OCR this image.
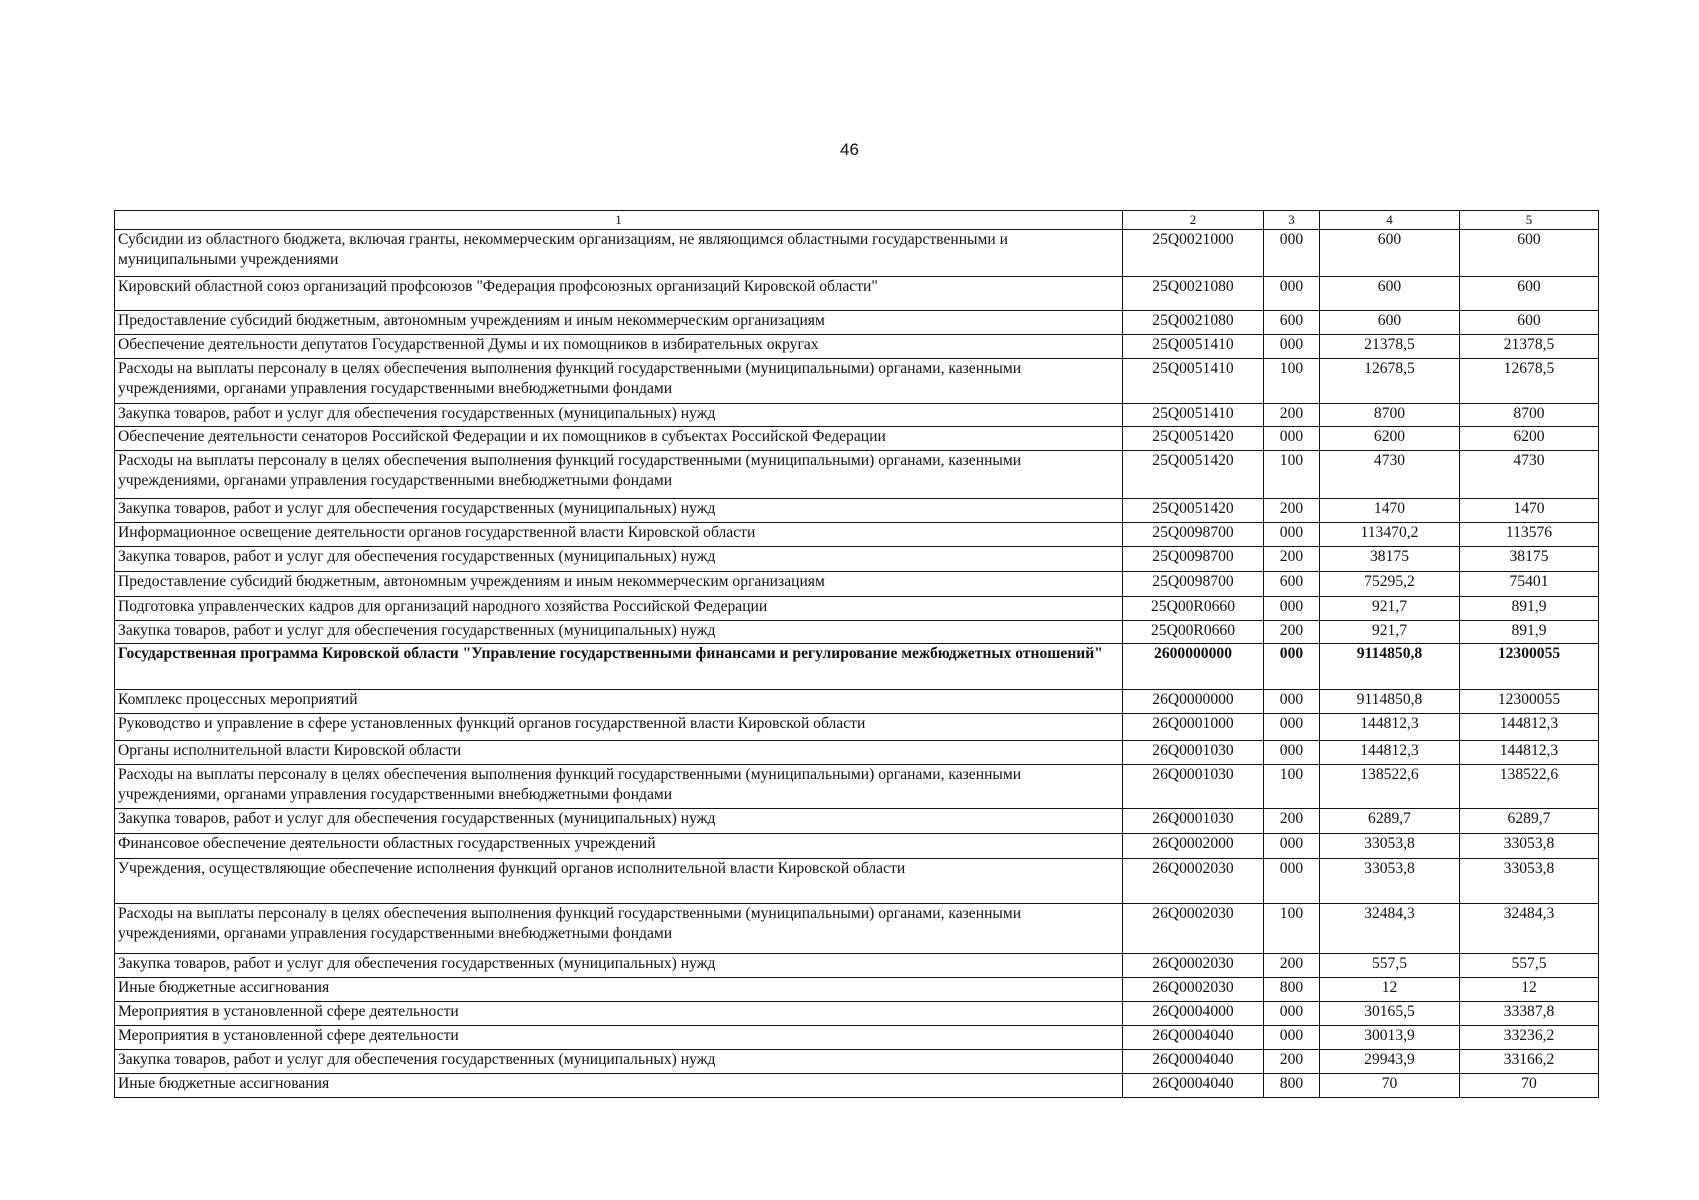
46
1	2	3	4	5
Субсидии из областного бюджета, включая гранты, некоммерческим организациям, не являющимся областными государственными и муниципальными учреждениями	25Q0021000	000	600	600
Кировский областной союз организаций профсоюзов "Федерация профсоюзных организаций Кировской области"	25Q0021080	000	600	600
Предоставление субсидий бюджетным, автономным учреждениям и иным некоммерческим организациям	25Q0021080	600	600	600
Обеспечение деятельности депутатов Государственной Думы и их помощников в избирательных округах	25Q0051410	000	21378,5	21378,5
Расходы на выплаты персоналу в целях обеспечения выполнения функций государственными (муниципальными) органами, казенными учреждениями, органами управления государственными внебюджетными фондами	25Q0051410	100	12678,5	12678,5
Закупка товаров, работ и услуг для обеспечения государственных (муниципальных) нужд	25Q0051410	200	8700	8700
Обеспечение деятельности сенаторов Российской Федерации и их помощников в субъектах Российской Федерации	25Q0051420	000	6200	6200
Расходы на выплаты персоналу в целях обеспечения выполнения функций государственными (муниципальными) органами, казенными учреждениями, органами управления государственными внебюджетными фондами	25Q0051420	100	4730	4730
Закупка товаров, работ и услуг для обеспечения государственных (муниципальных) нужд	25Q0051420	200	1470	1470
Информационное освещение деятельности органов государственной власти Кировской области	25Q0098700	000	113470,2	113576
Закупка товаров, работ и услуг для обеспечения государственных (муниципальных) нужд	25Q0098700	200	38175	38175
Предоставление субсидий бюджетным, автономным учреждениям и иным некоммерческим организациям	25Q0098700	600	75295,2	75401
Подготовка управленческих кадров для организаций народного хозяйства Российской Федерации	25Q00R0660	000	921,7	891,9
Закупка товаров, работ и услуг для обеспечения государственных (муниципальных) нужд	25Q00R0660	200	921,7	891,9
Государственная программа Кировской области "Управление государственными финансами и регулирование межбюджетных отношений"	2600000000	000	9114850,8	12300055
Комплекс процессных мероприятий	26Q0000000	000	9114850,8	12300055
Руководство и управление в сфере установленных функций органов государственной власти Кировской области	26Q0001000	000	144812,3	144812,3
Органы исполнительной власти Кировской области	26Q0001030	000	144812,3	144812,3
Расходы на выплаты персоналу в целях обеспечения выполнения функций государственными (муниципальными) органами, казенными учреждениями, органами управления государственными внебюджетными фондами	26Q0001030	100	138522,6	138522,6
Закупка товаров, работ и услуг для обеспечения государственных (муниципальных) нужд	26Q0001030	200	6289,7	6289,7
Финансовое обеспечение деятельности областных государственных учреждений	26Q0002000	000	33053,8	33053,8
Учреждения, осуществляющие обеспечение исполнения функций органов исполнительной власти Кировской области	26Q0002030	000	33053,8	33053,8
Расходы на выплаты персоналу в целях обеспечения выполнения функций государственными (муниципальными) органами, казенными учреждениями, органами управления государственными внебюджетными фондами	26Q0002030	100	32484,3	32484,3
Закупка товаров, работ и услуг для обеспечения государственных (муниципальных) нужд	26Q0002030	200	557,5	557,5
Иные бюджетные ассигнования	26Q0002030	800	12	12
Мероприятия в установленной сфере деятельности	26Q0004000	000	30165,5	33387,8
Мероприятия в установленной сфере деятельности	26Q0004040	000	30013,9	33236,2
Закупка товаров, работ и услуг для обеспечения государственных (муниципальных) нужд	26Q0004040	200	29943,9	33166,2
Иные бюджетные ассигнования	26Q0004040	800	70	70
